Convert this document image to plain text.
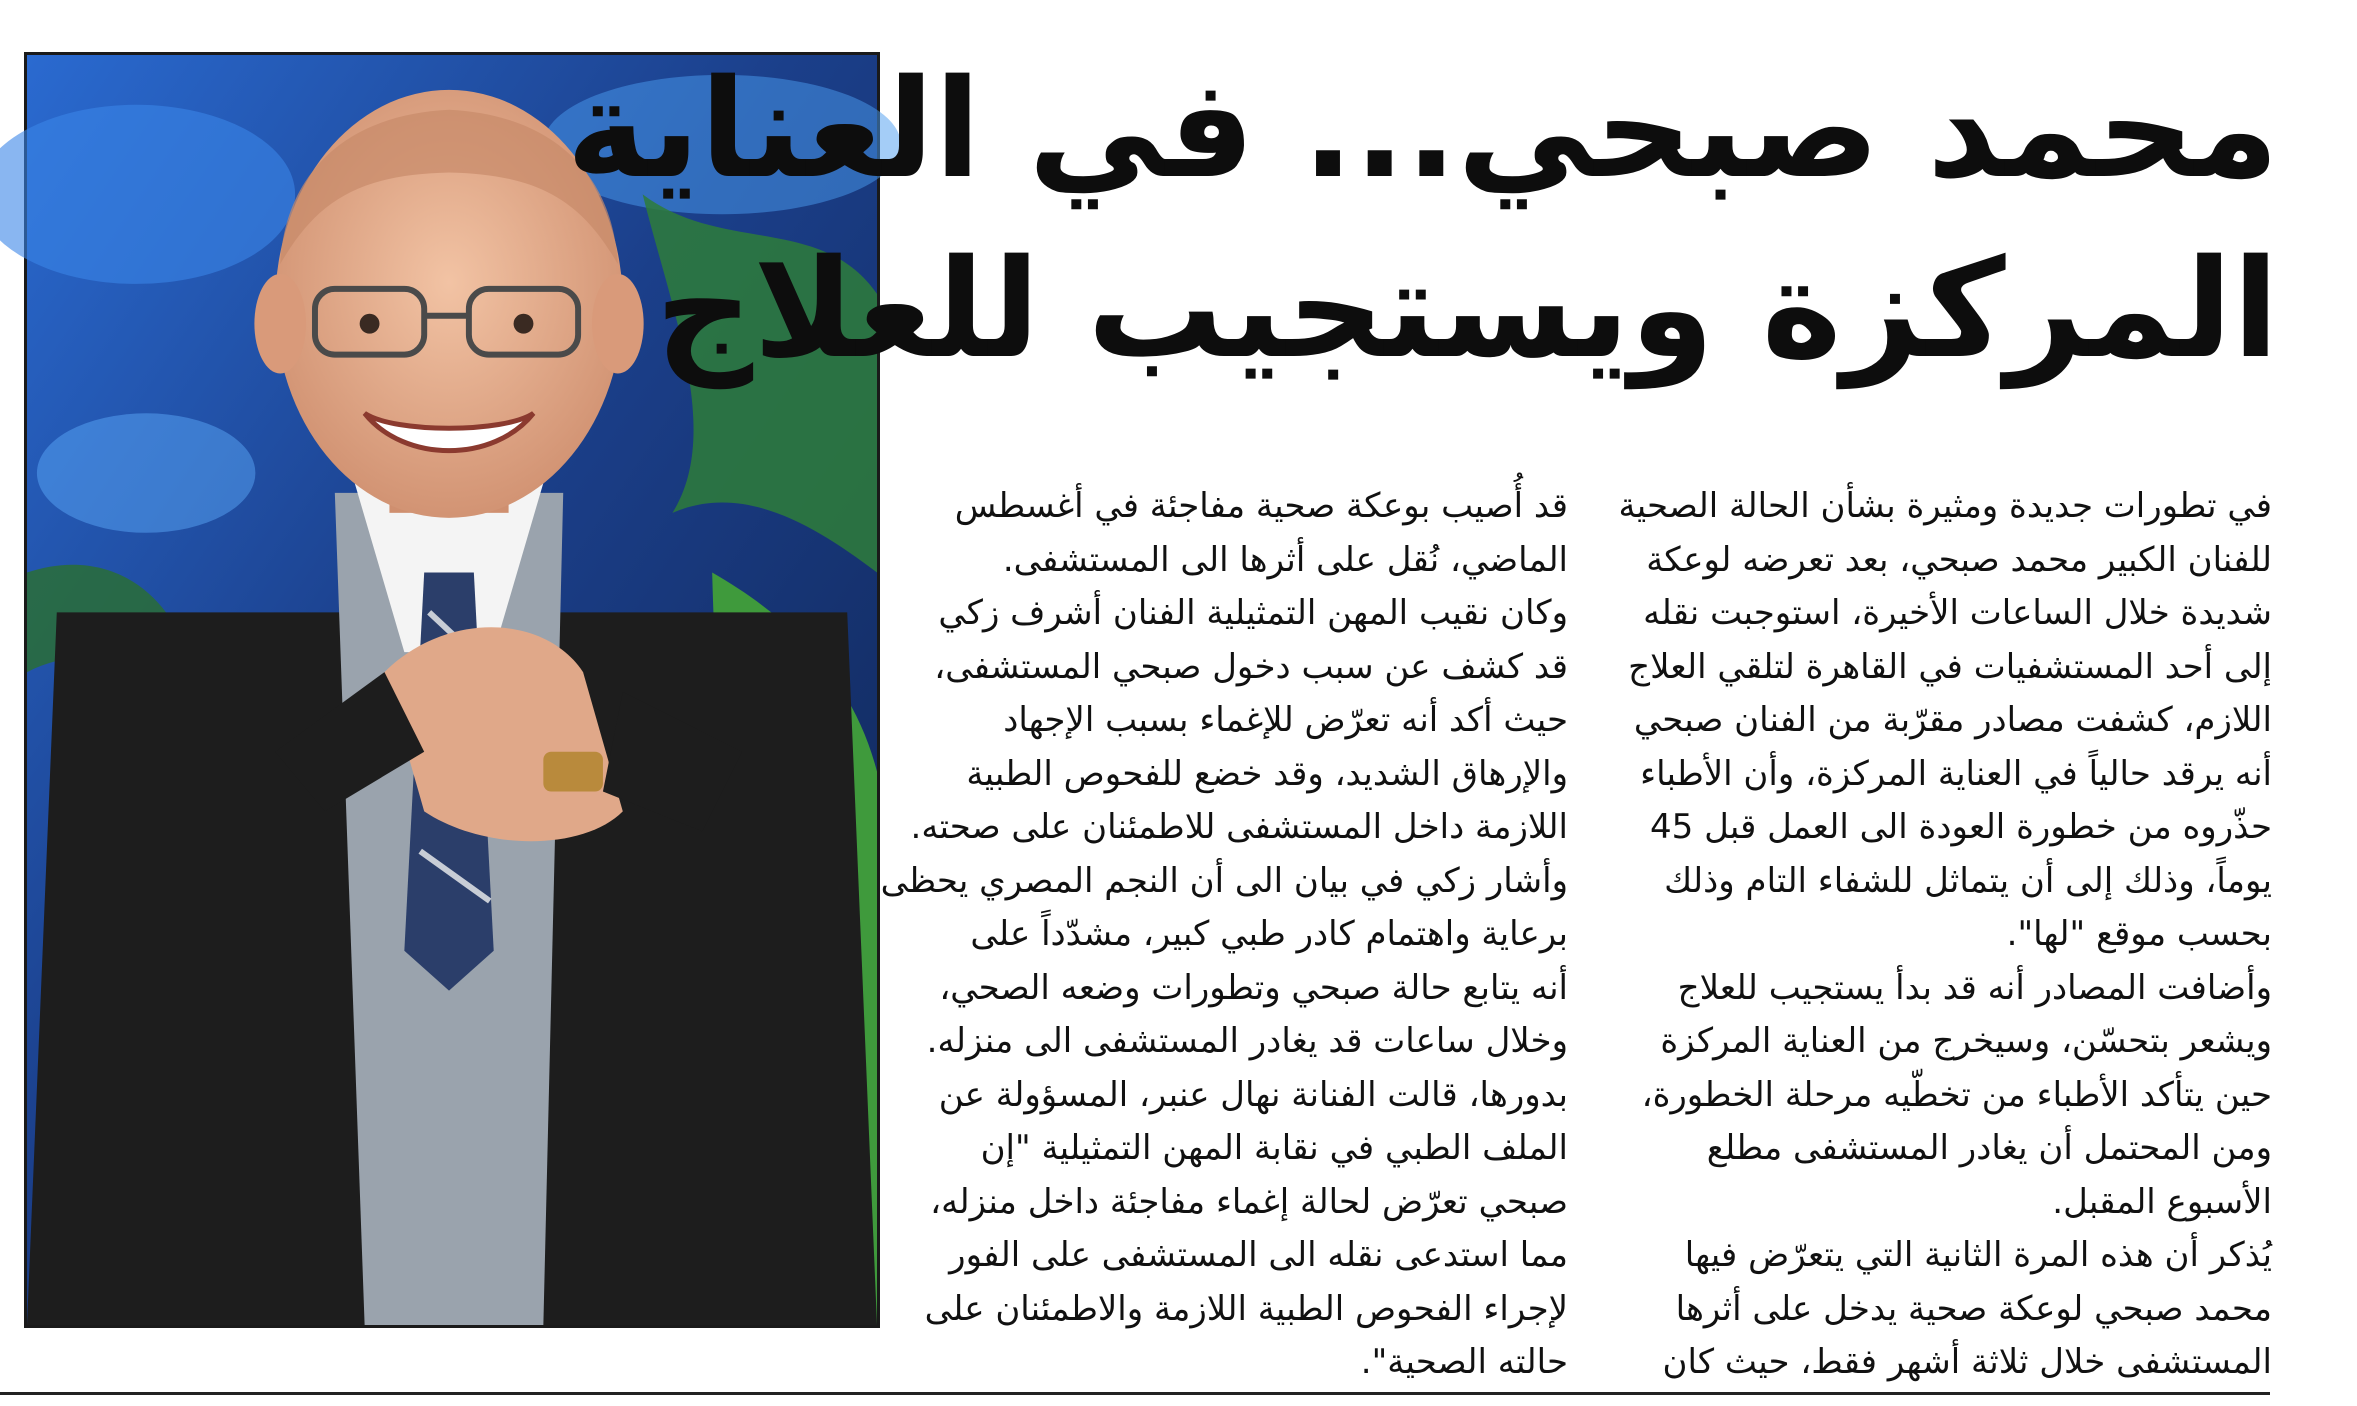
محمد صبحي... في العناية
المركزة ويستجيب للعلاج

في تطورات جديدة ومثيرة بشأن الحالة الصحية

للفنان الكبير محمد صبحي، بعد تعرضه لوعكة

شديدة خلال الساعات الأخيرة، استوجبت نقله

إلى أحد المستشفيات في القاهرة لتلقي العلاج

اللازم، كشفت مصادر مقرّبة من الفنان صبحي

أنه يرقد حالياً في العناية المركزة، وأن الأطباء

حذّروه من خطورة العودة الى العمل قبل 45

يوماً، وذلك إلى أن يتماثل للشفاء التام وذلك

بحسب موقع "لها".

وأضافت المصادر أنه قد بدأ يستجيب للعلاج

ويشعر بتحسّن، وسيخرج من العناية المركزة

حين يتأكد الأطباء من تخطّيه مرحلة الخطورة،

ومن المحتمل أن يغادر المستشفى مطلع

الأسبوع المقبل.

يُذكر أن هذه المرة الثانية التي يتعرّض فيها

محمد صبحي لوعكة صحية يدخل على أثرها

المستشفى خلال ثلاثة أشهر فقط، حيث كان

قد أُصيب بوعكة صحية مفاجئة في أغسطس

الماضي، نُقل على أثرها الى المستشفى.

وكان نقيب المهن التمثيلية الفنان أشرف زكي

قد كشف عن سبب دخول صبحي المستشفى،

حيث أكد أنه تعرّض للإغماء بسبب الإجهاد

والإرهاق الشديد، وقد خضع للفحوص الطبية

اللازمة داخل المستشفى للاطمئنان على صحته.

وأشار زكي في بيان الى أن النجم المصري يحظى

برعاية واهتمام كادر طبي كبير، مشدّداً على

أنه يتابع حالة صبحي وتطورات وضعه الصحي،

وخلال ساعات قد يغادر المستشفى الى منزله.

بدورها، قالت الفنانة نهال عنبر، المسؤولة عن

الملف الطبي في نقابة المهن التمثيلية "إن

صبحي تعرّض لحالة إغماء مفاجئة داخل منزله،

مما استدعى نقله الى المستشفى على الفور

لإجراء الفحوص الطبية اللازمة والاطمئنان على

حالته الصحية".
